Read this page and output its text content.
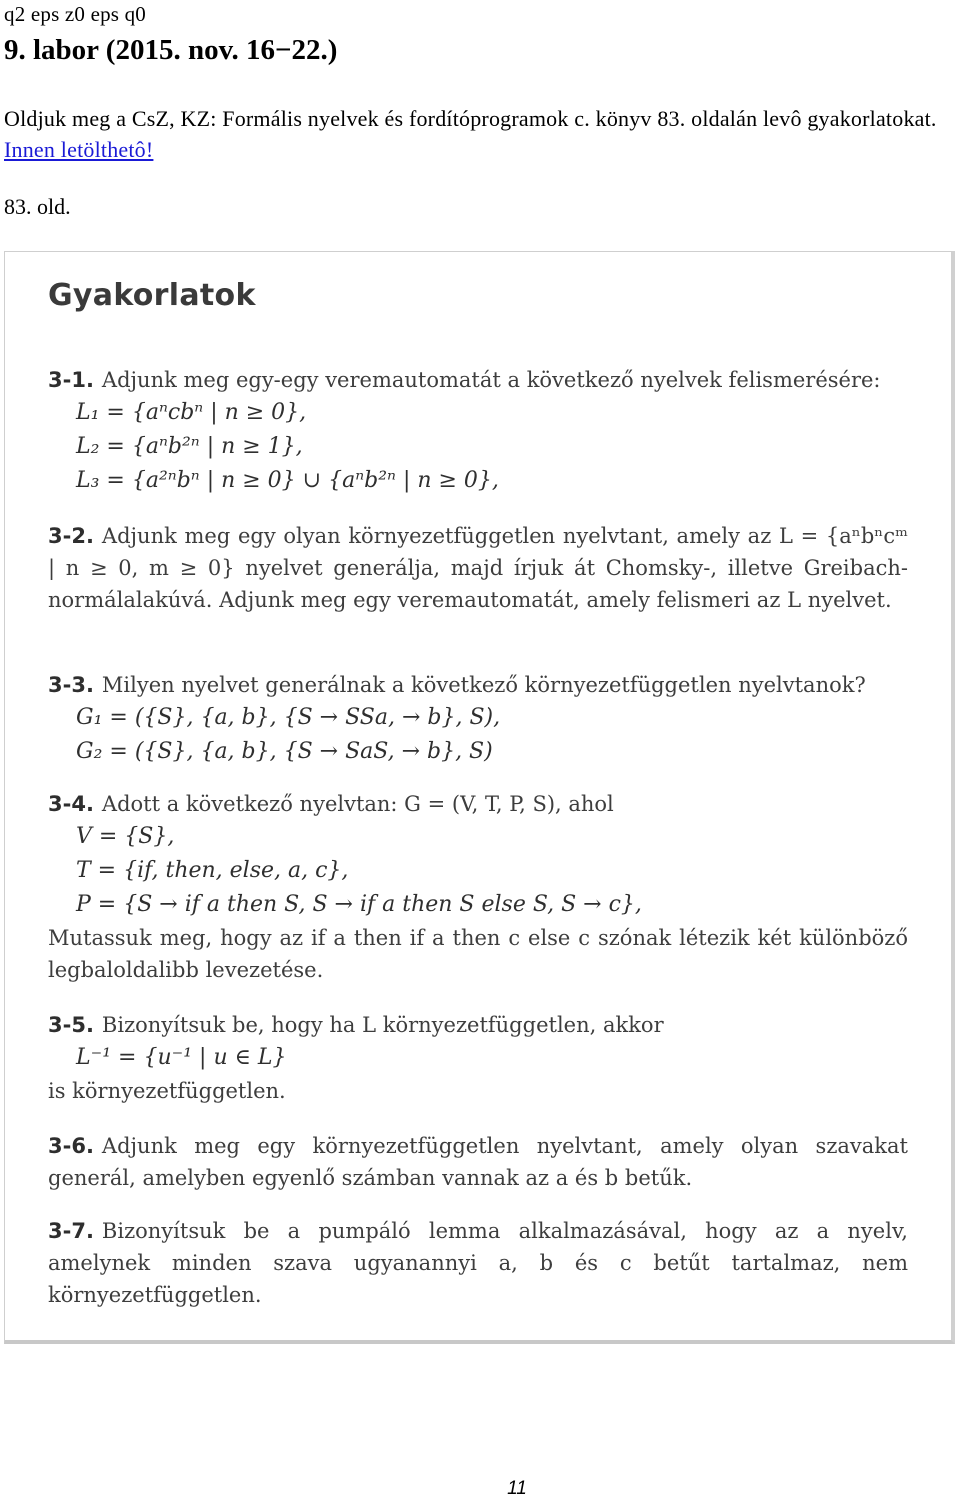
q2 eps z0 eps q0
9. labor (2015. nov. 16−22.)
Oldjuk meg a CsZ, KZ: Formális nyelvek és fordítóprogramok c. könyv 83. oldalán levô gyakorlatokat. Innen letölthetô!
83. old.
Gyakorlatok
3-1. Adjunk meg egy-egy veremautomatát a következő nyelvek felismerésére:
L₁ = {aⁿcbⁿ | n ≥ 0},
L₂ = {aⁿb²ⁿ | n ≥ 1},
L₃ = {a²ⁿbⁿ | n ≥ 0} ∪ {aⁿb²ⁿ | n ≥ 0},
3-2. Adjunk meg egy olyan környezetfüggetlen nyelvtant, amely az L = {aⁿbⁿcᵐ | n ≥ 0, m ≥ 0} nyelvet generálja, majd írjuk át Chomsky-, illetve Greibach-normálalakúvá. Adjunk meg egy veremautomatát, amely felismeri az L nyelvet.
3-3. Milyen nyelvet generálnak a következő környezetfüggetlen nyelvtanok?
G₁ = ({S}, {a, b}, {S → SSa, → b}, S),
G₂ = ({S}, {a, b}, {S → SaS, → b}, S)
3-4. Adott a következő nyelvtan: G = (V, T, P, S), ahol
V = {S},
T = {if, then, else, a, c},
P = {S → if a then S, S → if a then S else S, S → c},
Mutassuk meg, hogy az if a then if a then c else c szónak létezik két különböző legbaloldalibb levezetése.
3-5. Bizonyítsuk be, hogy ha L környezetfüggetlen, akkor
L⁻¹ = {u⁻¹ | u ∈ L}
is környezetfüggetlen.
3-6. Adjunk meg egy környezetfüggetlen nyelvtant, amely olyan szavakat generál, amelyben egyenlő számban vannak az a és b betűk.
3-7. Bizonyítsuk be a pumpáló lemma alkalmazásával, hogy az a nyelv, amelynek minden szava ugyanannyi a, b és c betűt tartalmaz, nem környezetfüggetlen.
11
